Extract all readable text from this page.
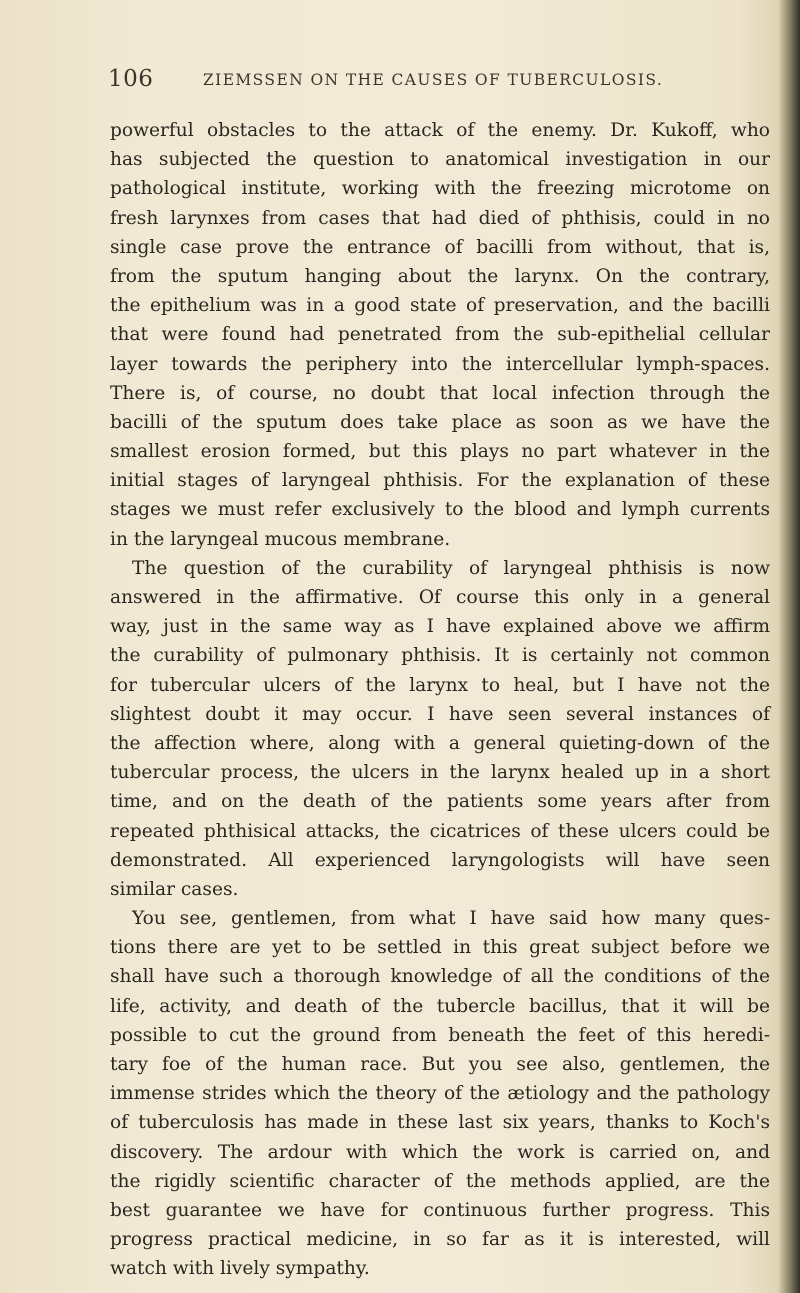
106	ZIEMSSEN ON THE CAUSES OF TUBERCULOSIS.
powerful obstacles to the attack of the enemy. Dr. Kukoff, who
has subjected the question to anatomical investigation in our
pathological institute, working with the freezing microtome on
fresh larynxes from cases that had died of phthisis, could in no
single case prove the entrance of bacilli from without, that is,
from the sputum hanging about the larynx. On the contrary,
the epithelium was in a good state of preservation, and the bacilli
that were found had penetrated from the sub-epithelial cellular
layer towards the periphery into the intercellular lymph-spaces.
There is, of course, no doubt that local infection through the
bacilli of the sputum does take place as soon as we have the
smallest erosion formed, but this plays no part whatever in the
initial stages of laryngeal phthisis. For the explanation of these
stages we must refer exclusively to the blood and lymph currents
in the laryngeal mucous membrane.
The question of the curability of laryngeal phthisis is now
answered in the affirmative. Of course this only in a general
way, just in the same way as I have explained above we affirm
the curability of pulmonary phthisis. It is certainly not common
for tubercular ulcers of the larynx to heal, but I have not the
slightest doubt it may occur. I have seen several instances of
the affection where, along with a general quieting-down of the
tubercular process, the ulcers in the larynx healed up in a short
time, and on the death of the patients some years after from
repeated phthisical attacks, the cicatrices of these ulcers could be
demonstrated. All experienced laryngologists will have seen
similar cases.
You see, gentlemen, from what I have said how many ques-
tions there are yet to be settled in this great subject before we
shall have such a thorough knowledge of all the conditions of the
life, activity, and death of the tubercle bacillus, that it will be
possible to cut the ground from beneath the feet of this heredi-
tary foe of the human race. But you see also, gentlemen, the
immense strides which the theory of the ætiology and the pathology
of tuberculosis has made in these last six years, thanks to Koch's
discovery. The ardour with which the work is carried on, and
the rigidly scientific character of the methods applied, are the
best guarantee we have for continuous further progress. This
progress practical medicine, in so far as it is interested, will
watch with lively sympathy.
